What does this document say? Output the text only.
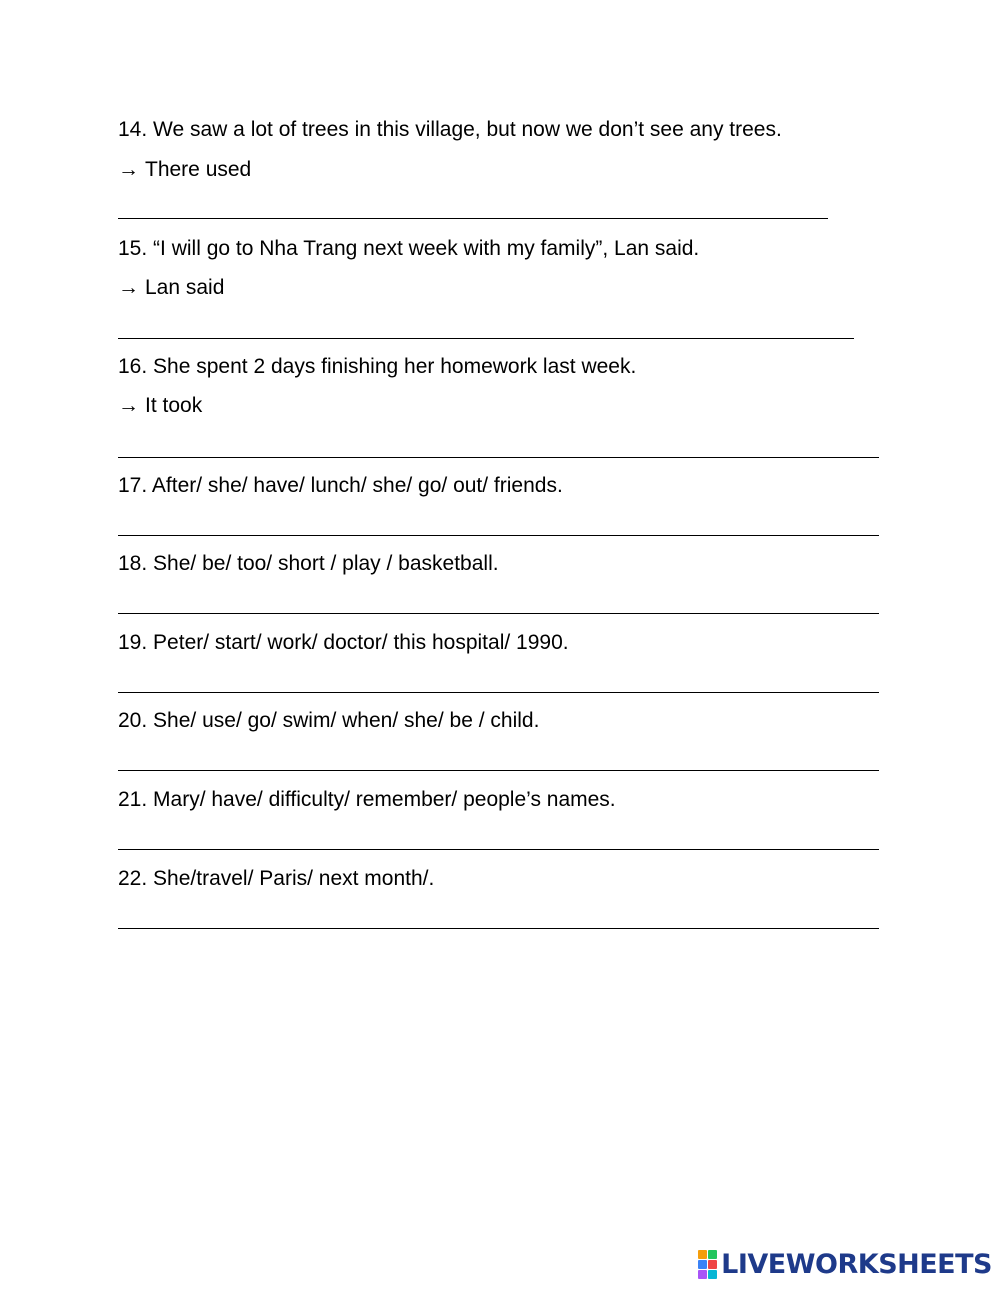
14. We saw a lot of trees in this village, but now we don’t see any trees.
→ There used
15. “I will go to Nha Trang next week with my family”, Lan said.
→ Lan said
16. She spent 2 days finishing her homework last week.
→ It took
17. After/ she/ have/ lunch/ she/ go/ out/ friends.
18. She/ be/ too/ short / play / basketball.
19. Peter/ start/ work/ doctor/ this hospital/ 1990.
20. She/ use/ go/ swim/ when/ she/ be / child.
21. Mary/ have/ difficulty/ remember/ people’s names.
22. She/travel/ Paris/ next month/.
LIVEWORKSHEETS
